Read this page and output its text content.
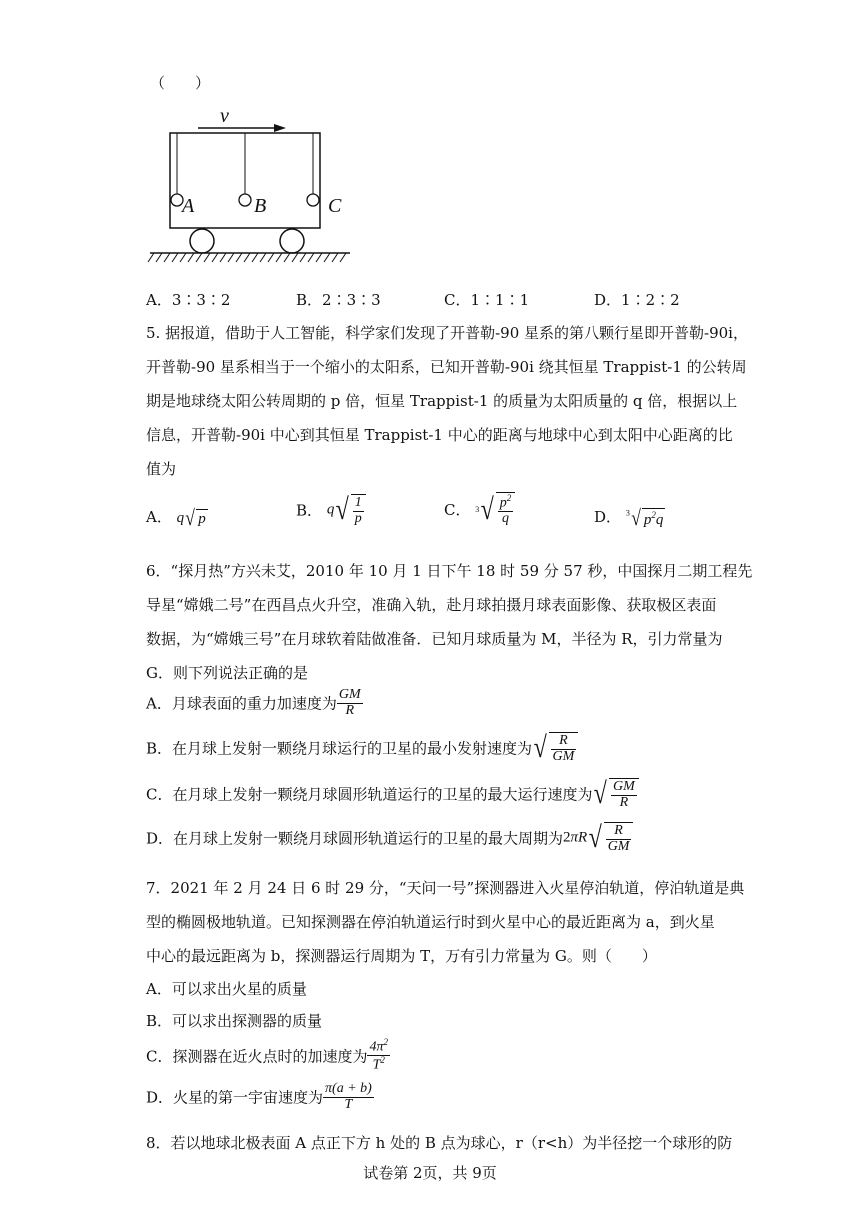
（　　）
A	B	C
v
A．3∶3∶2	B．2∶3∶3	C．1∶1∶1	D．1∶2∶2
5. 据报道，借助于人工智能，科学家们发现了开普勒-90 星系的第八颗行星即开普勒-90i，
开普勒-90 星系相当于一个缩小的太阳系，已知开普勒-90i 绕其恒星 Trappist-1 的公转周
期是地球绕太阳公转周期的 p 倍，恒星 Trappist-1 的质量为太阳质量的 q 倍，根据以上
信息，开普勒-90i 中心到其恒星 Trappist-1 中心的距离与地球中心到太阳中心距离的比
值为
A． q√ p	B． $q√ \frac{1}{p}$	C． $3√ \frac{p^2}{q}$	D． $^3$√ $p^2q$
6．“探月热”方兴未艾，2010 年 10 月 1 日下午 18 时 59 分 57 秒，中国探月二期工程先
导星“嫦娥二号”在西昌点火升空，准确入轨，赴月球拍摄月球表面影像、获取极区表面
数据，为“嫦娥三号”在月球软着陆做准备．已知月球质量为 M，半径为 R，引力常量为
G．则下列说法正确的是
A．月球表面的重力加速度为 $\frac{GM}{R}$
B．在月球上发射一颗绕月球运行的卫星的最小发射速度为√ $\frac{R}{GM}$
C．在月球上发射一颗绕月球圆形轨道运行的卫星的最大运行速度为√ $\frac{GM}{R}$
D．在月球上发射一颗绕月球圆形轨道运行的卫星的最大周期为$2\pi R√ \frac{R}{GM}$
7．2021 年 2 月 24 日 6 时 29 分，“天问一号”探测器进入火星停泊轨道，停泊轨道是典
型的椭圆极地轨道。已知探测器在停泊轨道运行时到火星中心的最近距离为 a，到火星
中心的最远距离为 b，探测器运行周期为 T，万有引力常量为 G。则（　　）
A．可以求出火星的质量
B．可以求出探测器的质量
C．探测器在近火点时的加速度为 $\frac{4\pi^2}{T^2}$
D．火星的第一宇宙速度为 $\frac{\pi(a + b)}{T}$
8．若以地球北极表面 A 点正下方 h 处的 B 点为球心，r（r<h）为半径挖一个球形的防
试卷第 2页，共 9页
